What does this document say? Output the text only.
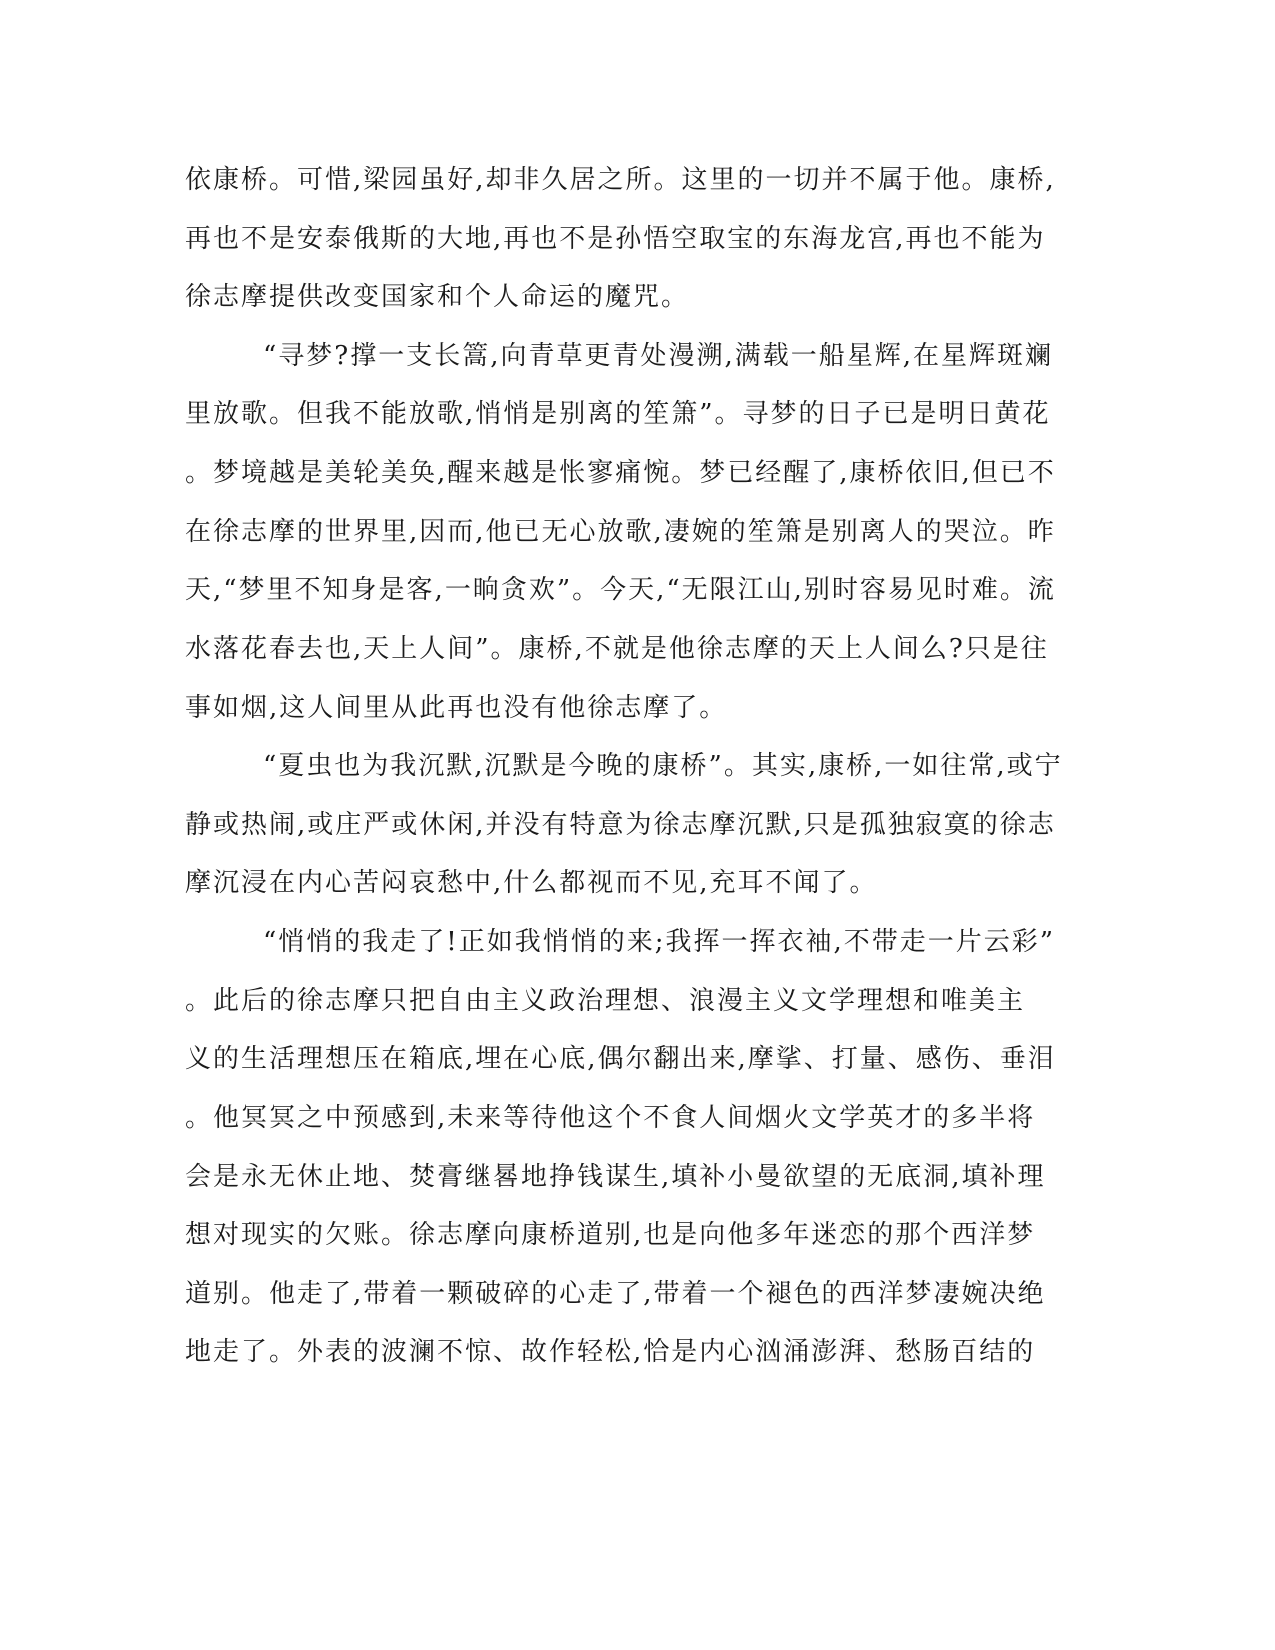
依康桥。可惜,梁园虽好,却非久居之所。这里的一切并不属于他。康桥,
再也不是安泰俄斯的大地,再也不是孙悟空取宝的东海龙宫,再也不能为
徐志摩提供改变国家和个人命运的魔咒。
“寻梦?撑一支长篙,向青草更青处漫溯,满载一船星辉,在星辉斑斓
里放歌。但我不能放歌,悄悄是别离的笙箫”。寻梦的日子已是明日黄花
。梦境越是美轮美奂,醒来越是怅寥痛惋。梦已经醒了,康桥依旧,但已不
在徐志摩的世界里,因而,他已无心放歌,凄婉的笙箫是别离人的哭泣。昨
天,“梦里不知身是客,一晌贪欢”。今天,“无限江山,别时容易见时难。流
水落花春去也,天上人间”。康桥,不就是他徐志摩的天上人间么?只是往
事如烟,这人间里从此再也没有他徐志摩了。
“夏虫也为我沉默,沉默是今晚的康桥”。其实,康桥,一如往常,或宁
静或热闹,或庄严或休闲,并没有特意为徐志摩沉默,只是孤独寂寞的徐志
摩沉浸在内心苦闷哀愁中,什么都视而不见,充耳不闻了。
“悄悄的我走了!正如我悄悄的来;我挥一挥衣袖,不带走一片云彩”
。此后的徐志摩只把自由主义政治理想、浪漫主义文学理想和唯美主
义的生活理想压在箱底,埋在心底,偶尔翻出来,摩挲、打量、感伤、垂泪
。他冥冥之中预感到,未来等待他这个不食人间烟火文学英才的多半将
会是永无休止地、焚膏继晷地挣钱谋生,填补小曼欲望的无底洞,填补理
想对现实的欠账。徐志摩向康桥道别,也是向他多年迷恋的那个西洋梦
道别。他走了,带着一颗破碎的心走了,带着一个褪色的西洋梦凄婉决绝
地走了。外表的波澜不惊、故作轻松,恰是内心汹涌澎湃、愁肠百结的
